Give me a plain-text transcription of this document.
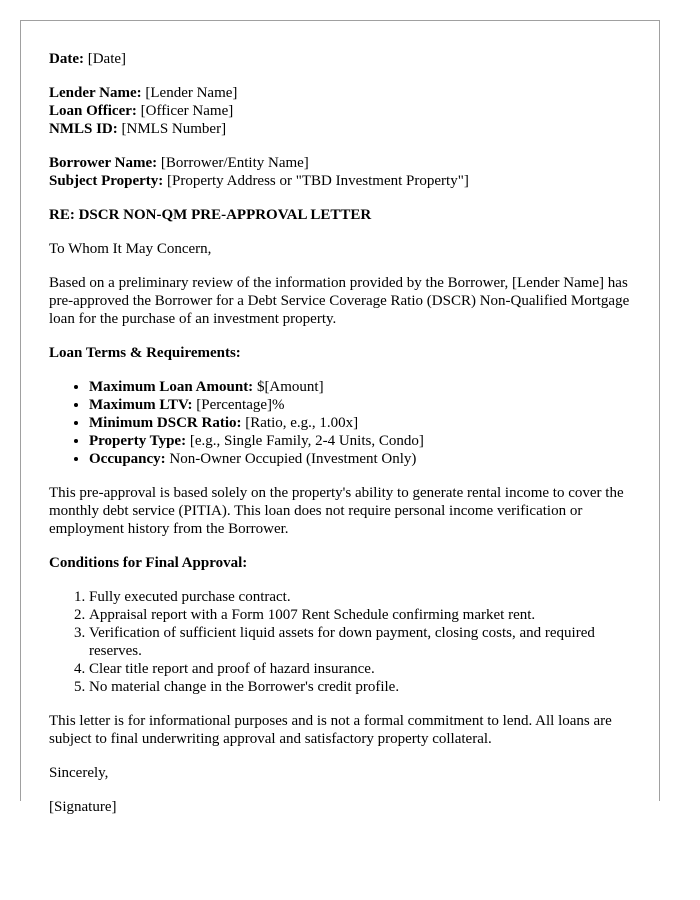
Date: [Date]

Lender Name: [Lender Name]
Loan Officer: [Officer Name]
NMLS ID: [NMLS Number]
Borrower Name: [Borrower/Entity Name]
Subject Property: [Property Address or "TBD Investment Property"]

RE: DSCR NON-QM PRE-APPROVAL LETTER

To Whom It May Concern,

Based on a preliminary review of the information provided by the Borrower, [Lender Name] has pre-approved the Borrower for a Debt Service Coverage Ratio (DSCR) Non-Qualified Mortgage loan for the purchase of an investment property.

Loan Terms & Requirements:

• Maximum Loan Amount: $[Amount]
• Maximum LTV: [Percentage]%
• Minimum DSCR Ratio: [Ratio, e.g., 1.00x]
• Property Type: [e.g., Single Family, 2-4 Units, Condo]
• Occupancy: Non-Owner Occupied (Investment Only)

This pre-approval is based solely on the property's ability to generate rental income to cover the monthly debt service (PITIA). This loan does not require personal income verification or employment history from the Borrower.

Conditions for Final Approval:

1. Fully executed purchase contract.
2. Appraisal report with a Form 1007 Rent Schedule confirming market rent.
3. Verification of sufficient liquid assets for down payment, closing costs, and required reserves.
4. Clear title report and proof of hazard insurance.
5. No material change in the Borrower's credit profile.

This letter is for informational purposes and is not a formal commitment to lend. All loans are subject to final underwriting approval and satisfactory property collateral.

Sincerely,

[Signature]
